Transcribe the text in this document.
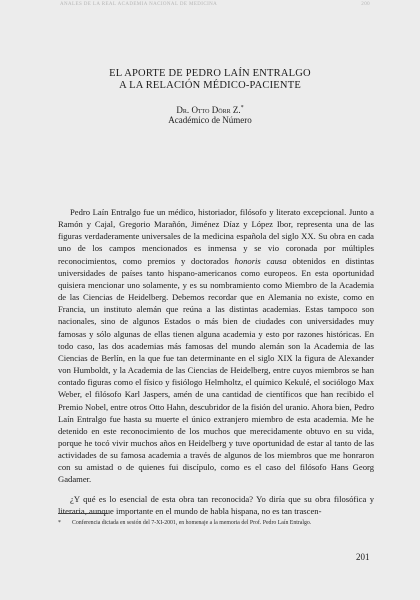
ANALES DE LA REAL ACADEMIA NACIONAL DE MEDICINA	200
EL APORTE DE PEDRO LAÍN ENTRALGO
A LA RELACIÓN MÉDICO-PACIENTE
Dr. Otto Dörr Z.*
Académico de Número

Pedro Laín Entralgo fue un médico, historiador, filósofo y literato excepcional. Junto a Ramón y Cajal, Gregorio Marañón, Jiménez Díaz y López Ibor, representa una de las figuras verdaderamente universales de la medicina española del siglo XX. Su obra en cada uno de los campos mencionados es inmensa y se vio coronada por múltiples reconocimientos, como premios y doctorados honoris causa obtenidos en distintas universidades de países tanto hispano-americanos como europeos. En esta oportunidad quisiera mencionar uno solamente, y es su nombramiento como Miembro de la Academia de las Ciencias de Heidelberg. Debemos recordar que en Alemania no existe, como en Francia, un instituto alemán que reúna a las distintas academias. Estas tampoco son nacionales, sino de algunos Estados o más bien de ciudades con universidades muy famosas y sólo algunas de ellas tienen alguna academia y esto por razones históricas. En todo caso, las dos academias más famosas del mundo alemán son la Academia de las Ciencias de Berlín, en la que fue tan determinante en el siglo XIX la figura de Alexander von Humboldt, y la Academia de las Ciencias de Heidelberg, entre cuyos miembros se han contado figuras como el físico y fisiólogo Helmholtz, el químico Kekulé, el sociólogo Max Weber, el filósofo Karl Jaspers, amén de una cantidad de científicos que han recibido el Premio Nobel, entre otros Otto Hahn, descubridor de la fisión del uranio. Ahora bien, Pedro Laín Entralgo fue hasta su muerte el único extranjero miembro de esta academia. Me he detenido en este reconocimiento de los muchos que merecidamente obtuvo en su vida, porque he tocó vivir muchos años en Heidelberg y tuve oportunidad de estar al tanto de las actividades de su famosa academia a través de algunos de los miembros que me honraron con su amistad o de quienes fui discípulo, como es el caso del filósofo Hans Georg Gadamer.

¿Y qué es lo esencial de esta obra tan reconocida? Yo diría que su obra filosófica y literaria, aunque importante en el mundo de habla hispana, no es tan trascen-

* Conferencia dictada en sesión del 7-XI-2001, en homenaje a la memoria del Prof. Pedro Laín Entralgo.
201
